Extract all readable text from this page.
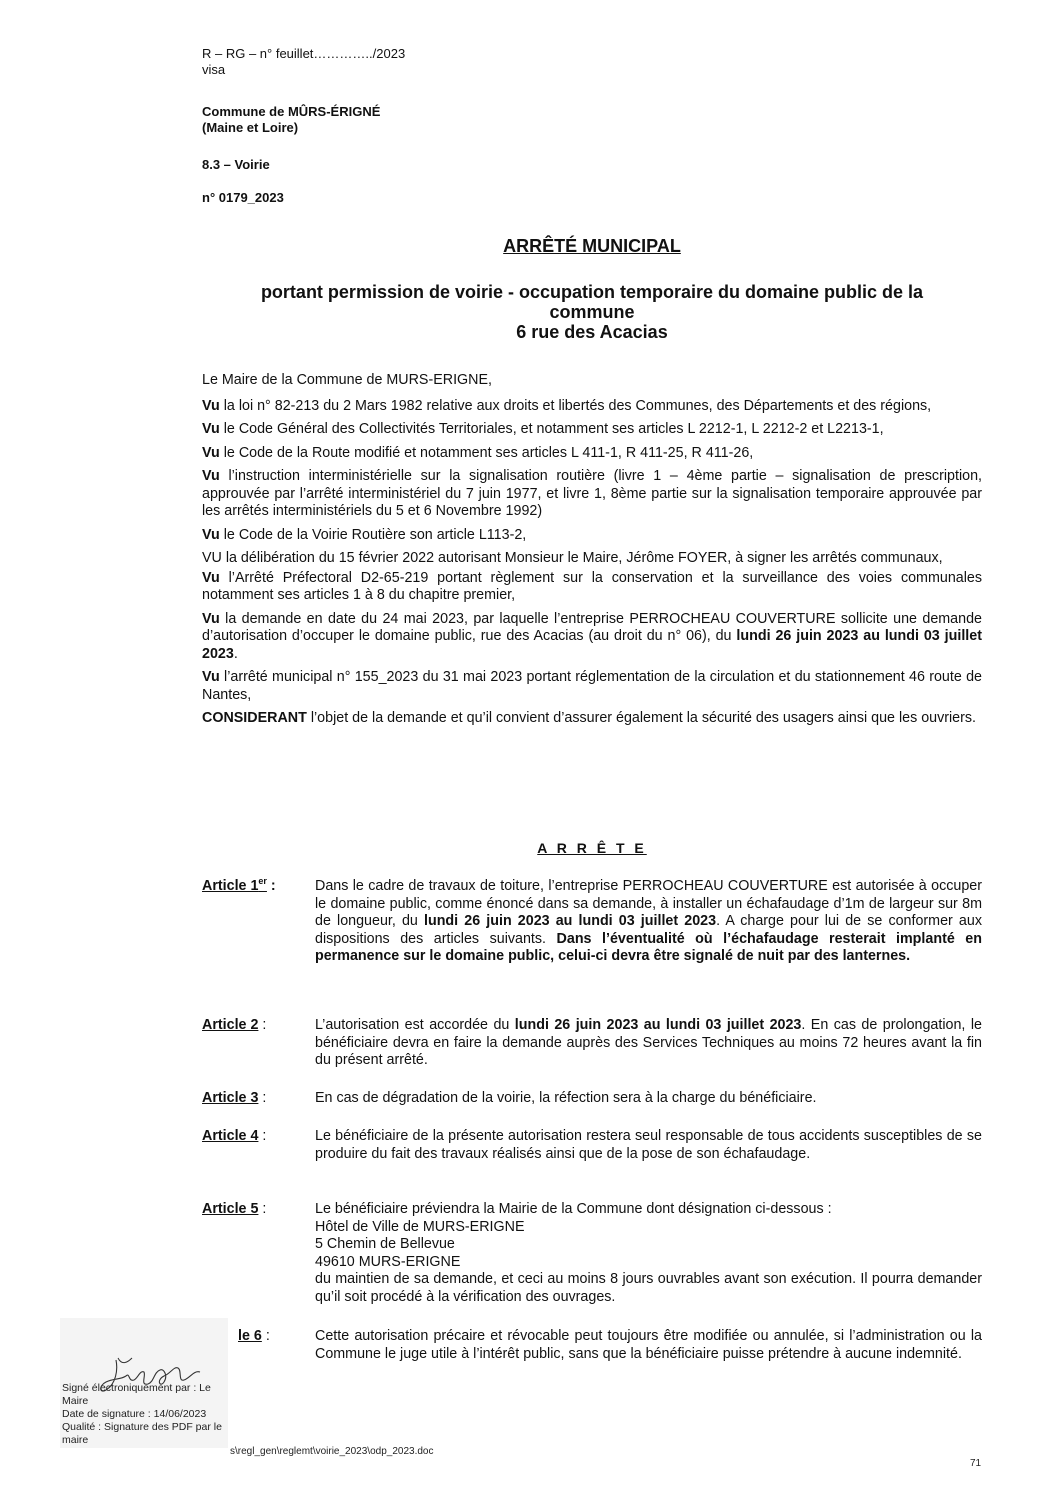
R – RG – n° feuillet…………../2023
visa
Commune de MÛRS-ÉRIGNÉ
(Maine et Loire)
8.3 – Voirie
n° 0179_2023
ARRÊTÉ MUNICIPAL
portant permission de voirie - occupation temporaire du domaine public de la
commune
6 rue des Acacias

Le Maire de la Commune de MURS-ERIGNE,

Vu la loi n° 82-213 du 2 Mars 1982 relative aux droits et libertés des Communes, des Départements et des régions,

Vu le Code Général des Collectivités Territoriales, et notamment ses articles L 2212-1, L 2212-2 et L2213-1,

Vu le Code de la Route modifié et notamment ses articles L 411-1, R 411-25, R 411-26,

Vu l’instruction interministérielle sur la signalisation routière (livre 1 – 4ème partie – signalisation de prescription, approuvée par l’arrêté interministériel du 7 juin 1977, et livre 1, 8ème partie sur la signalisation temporaire approuvée par les arrêtés interministériels du 5 et 6 Novembre 1992)

Vu le Code de la Voirie Routière son article L113-2,

VU la délibération du 15 février 2022 autorisant Monsieur le Maire, Jérôme FOYER, à signer les arrêtés communaux,

Vu l’Arrêté Préfectoral D2-65-219 portant règlement sur la conservation et la surveillance des voies communales notamment ses articles 1 à 8 du chapitre premier,

Vu la demande en date du 24 mai 2023, par laquelle l’entreprise PERROCHEAU COUVERTURE sollicite une demande d’autorisation d’occuper le domaine public, rue des Acacias (au droit du n° 06), du lundi 26 juin 2023 au lundi 03 juillet 2023.

Vu l’arrêté municipal n° 155_2023 du 31 mai 2023 portant réglementation de la circulation et du stationnement 46 route de Nantes,

CONSIDERANT l’objet de la demande et qu’il convient d’assurer également la sécurité des usagers ainsi que les ouvriers.

A R R Ê T E
Article 1er :	Dans le cadre de travaux de toiture, l’entreprise PERROCHEAU COUVERTURE est autorisée à occuper le domaine public, comme énoncé dans sa demande, à installer un échafaudage d’1m de largeur sur 8m de longueur, du lundi 26 juin 2023 au lundi 03 juillet 2023. A charge pour lui de se conformer aux dispositions des articles suivants. Dans l’éventualité où l’échafaudage resterait implanté en permanence sur le domaine public, celui-ci devra être signalé de nuit par des lanternes.
Article 2 :	L’autorisation est accordée du lundi 26 juin 2023 au lundi 03 juillet 2023. En cas de prolongation, le bénéficiaire devra en faire la demande auprès des Services Techniques au moins 72 heures avant la fin du présent arrêté.
Article 3 :	En cas de dégradation de la voirie, la réfection sera à la charge du bénéficiaire.
Article 4 :	Le bénéficiaire de la présente autorisation restera seul responsable de tous accidents susceptibles de se produire du fait des travaux réalisés ainsi que de la pose de son échafaudage.
Article 5 :	Le bénéficiaire préviendra la Mairie de la Commune dont désignation ci-dessous :
Hôtel de Ville de MURS-ERIGNE
5 Chemin de Bellevue
49610 MURS-ERIGNE
du maintien de sa demande, et ceci au moins 8 jours ouvrables avant son exécution. Il pourra demander qu’il soit procédé à la vérification des ouvrages.
Signé électroniquement par : Le
Maire
Date de signature : 14/06/2023
Qualité : Signature des PDF par le
maire
le 6 :	Cette autorisation précaire et révocable peut toujours être modifiée ou annulée, si l’administration ou la Commune le juge utile à l’intérêt public, sans que la bénéficiaire puisse prétendre à aucune indemnité.
s\regl_gen\reglemt\voirie_2023\odp_2023.doc
71
